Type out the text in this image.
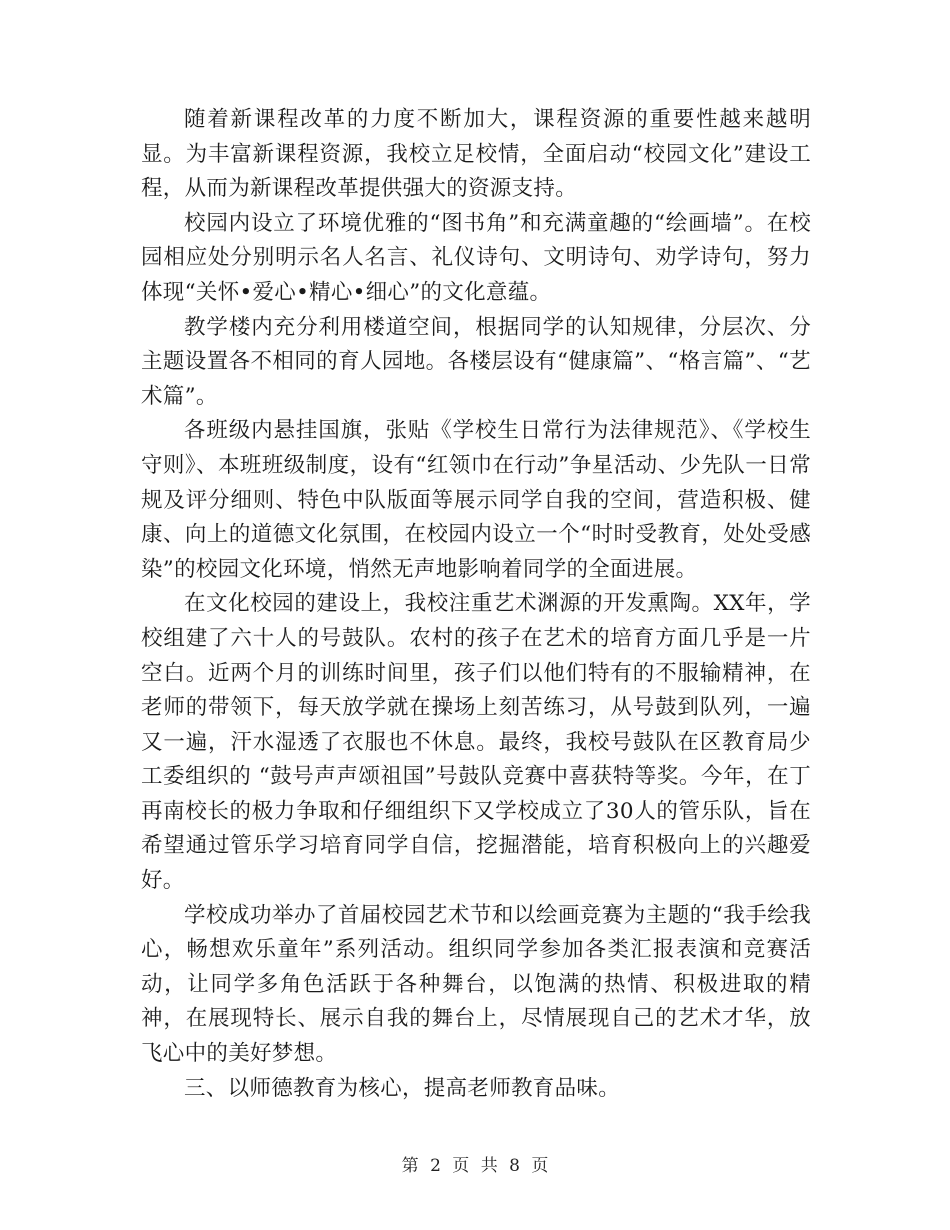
随着新课程改革的力度不断加大，课程资源的重要性越来越明显。为丰富新课程资源，我校立足校情，全面启动“校园文化”建设工程，从而为新课程改革提供强大的资源支持。

校园内设立了环境优雅的“图书角”和充满童趣的“绘画墙”。在校园相应处分别明示名人名言、礼仪诗句、文明诗句、劝学诗句，努力体现“关怀•爱心•精心•细心”的文化意蕴。

教学楼内充分利用楼道空间，根据同学的认知规律，分层次、分主题设置各不相同的育人园地。各楼层设有“健康篇”、“格言篇”、“艺术篇”。

各班级内悬挂国旗，张贴《学校生日常行为法律规范》、《学校生守则》、本班班级制度，设有“红领巾在行动”争星活动、少先队一日常规及评分细则、特色中队版面等展示同学自我的空间，营造积极、健康、向上的道德文化氛围，在校园内设立一个“时时受教育，处处受感染”的校园文化环境，悄然无声地影响着同学的全面进展。

在文化校园的建设上，我校注重艺术渊源的开发熏陶。XX年，学校组建了六十人的号鼓队。农村的孩子在艺术的培育方面几乎是一片空白。近两个月的训练时间里，孩子们以他们特有的不服输精神，在老师的带领下，每天放学就在操场上刻苦练习，从号鼓到队列，一遍又一遍，汗水湿透了衣服也不休息。最终，我校号鼓队在区教育局少工委组织的 “鼓号声声颂祖国”号鼓队竞赛中喜获特等奖。今年，在丁再南校长的极力争取和仔细组织下又学校成立了30人的管乐队，旨在希望通过管乐学习培育同学自信，挖掘潜能，培育积极向上的兴趣爱好。

学校成功举办了首届校园艺术节和以绘画竞赛为主题的“我手绘我心，畅想欢乐童年”系列活动。组织同学参加各类汇报表演和竞赛活动，让同学多角色活跃于各种舞台，以饱满的热情、积极进取的精神，在展现特长、展示自我的舞台上，尽情展现自己的艺术才华，放飞心中的美好梦想。

三、以师德教育为核心，提高老师教育品味。

第 2 页 共 8 页
